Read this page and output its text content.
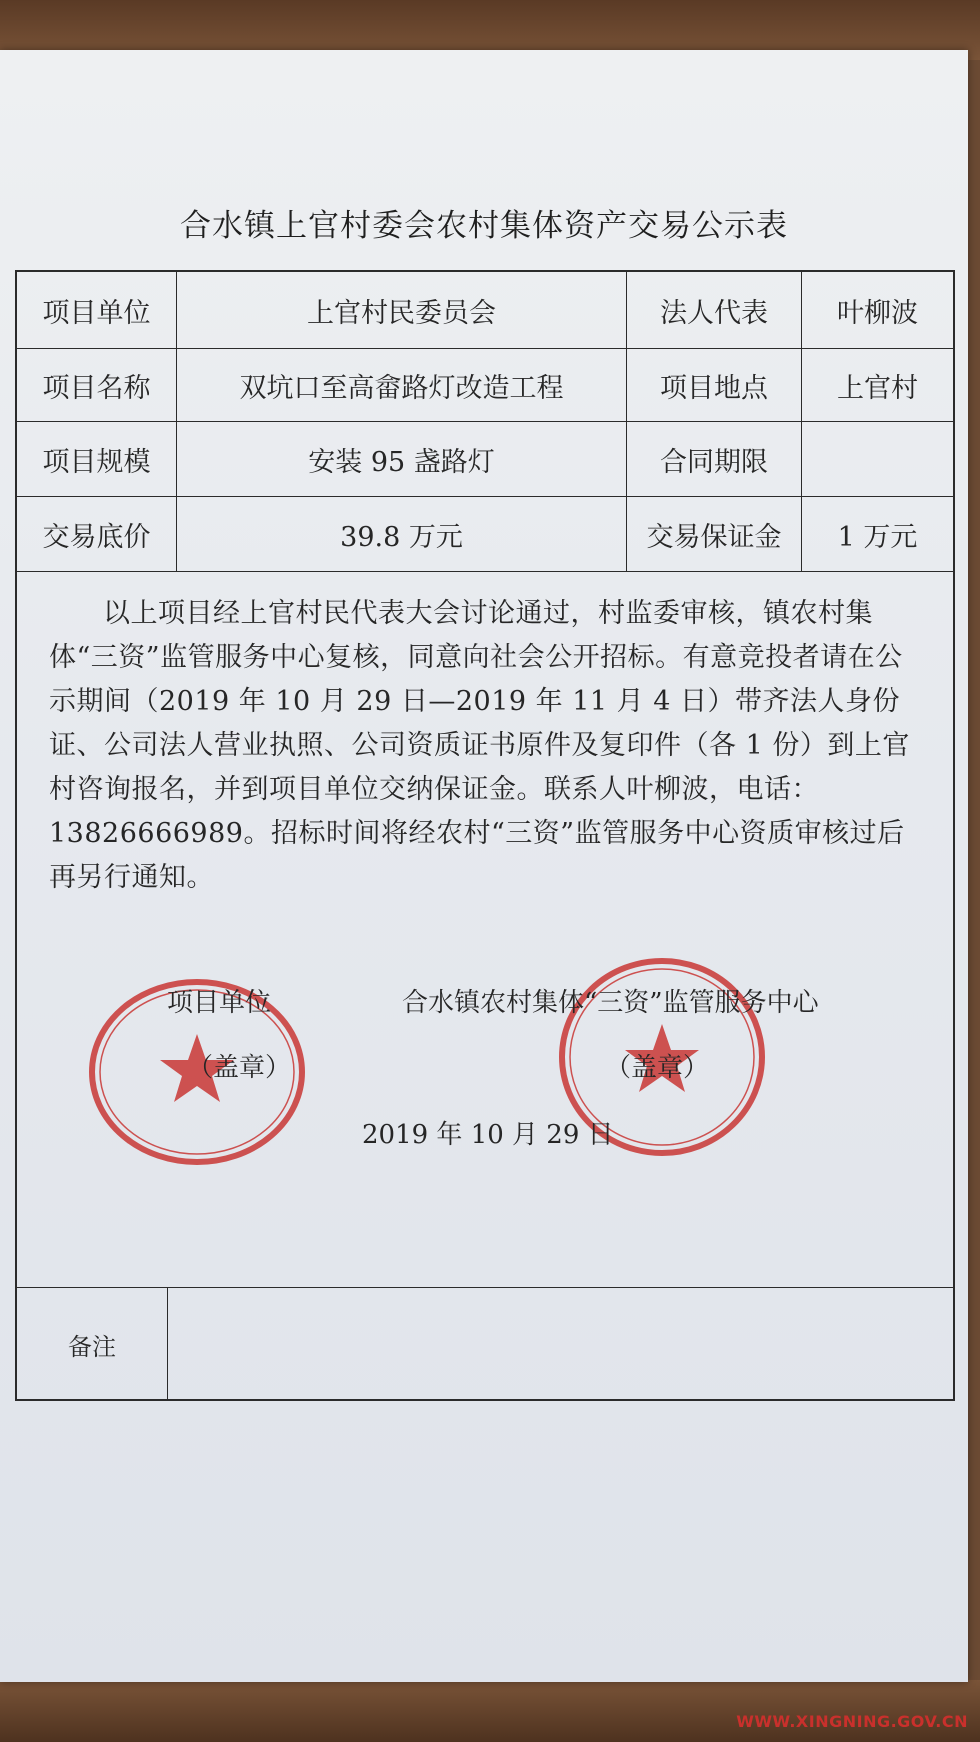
合水镇上官村委会农村集体资产交易公示表
项目单位	上官村民委员会	法人代表	叶柳波
项目名称	双坑口至高畲路灯改造工程	项目地点	上官村
项目规模	安装 95 盏路灯	合同期限
交易底价	39.8 万元	交易保证金	1 万元
以上项目经上官村民代表大会讨论通过，村监委审核，镇农村集体“三资”监管服务中心复核，同意向社会公开招标。有意竞投者请在公示期间（2019 年 10 月 29 日—2019 年 11 月 4 日）带齐法人身份证、公司法人营业执照、公司资质证书原件及复印件（各 1 份）到上官村咨询报名，并到项目单位交纳保证金。联系人叶柳波，电话：13826666989。招标时间将经农村“三资”监管服务中心资质审核过后再另行通知。
项目单位
（盖章）
合水镇农村集体“三资”监管服务中心
（盖章）
2019 年 10 月 29 日
备注
WWW.XINGNING.GOV.CN
